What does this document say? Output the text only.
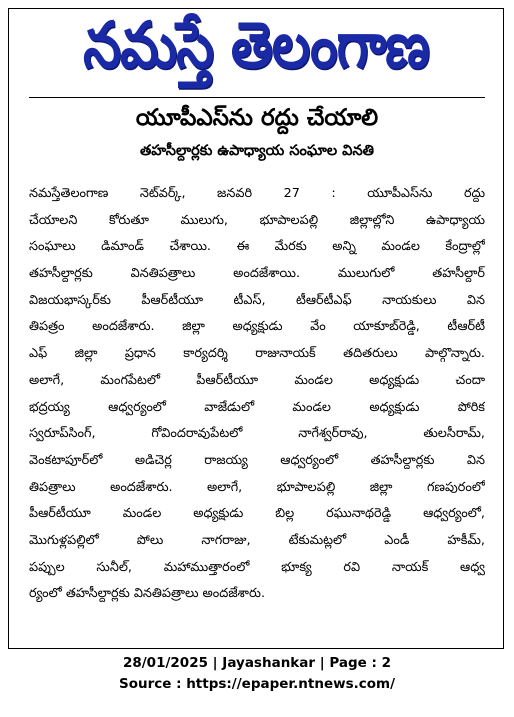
నమస్తే తెలంగాణ
యూపీఎస్‌ను రద్దు చేయాలి
తహసీల్దార్లకు ఉపాధ్యాయ సంఘాల వినతి
నమస్తేతెలంగాణ నెట్‌వర్క్‌, జనవరి 27 : యూపీఎస్‌ను రద్దు
చేయాలని కోరుతూ ములుగు, భూపాలపల్లి జిల్లాల్లోని ఉపాధ్యాయ
సంఘాలు డిమాండ్‌ చేశాయి. ఈ మేరకు అన్ని మండల కేంద్రాల్లో
తహసీల్దార్లకు వినతిపత్రాలు అందజేశాయి. ములుగులో తహసీల్దార్‌
విజయభాస్కర్‌కు పీఆర్‌టీయూ టీఎస్‌, టీఆర్‌టీఎఫ్‌ నాయకులు విన
తిపత్రం అందజేశారు. జిల్లా అధ్యక్షుడు వేం యాకూబ్‌రెడ్డి, టీఆర్‌టీ
ఎఫ్‌ జిల్లా ప్రధాన కార్యదర్శి రాజునాయక్‌ తదితరులు పాల్గొన్నారు.
అలాగే, మంగపేటలో పీఆర్‌టీయూ మండల అధ్యక్షుడు చందా
భద్రయ్య ఆధ్వర్యంలో వాజేడులో మండల అధ్యక్షుడు పోరిక
స్వరూప్‌సింగ్‌, గోవిందరావుపేటలో నాగేశ్వర్‌రావు, తులసీరామ్‌,
వెంకటాపూర్‌లో అడిచెర్ల రాజయ్య ఆధ్వర్యంలో తహసీల్దార్లకు విన
తిపత్రాలు అందజేశారు. అలాగే, భూపాలపల్లి జిల్లా గణపురంలో
పీఆర్‌టీయూ మండల అధ్యక్షుడు బిల్ల రఘునాథరెడ్డి ఆధ్వర్యంలో,
మొగుళ్లపల్లిలో పోలు నాగరాజు, టేకుమట్లలో ఎండీ హకీమ్‌,
పప్పుల సునీల్‌, మహాముత్తారంలో భూక్య రవి నాయక్‌ ఆధ్వ
ర్యంలో తహసీల్దార్లకు వినతిపత్రాలు అందజేశారు.
28/01/2025 | Jayashankar | Page : 2
Source : https://epaper.ntnews.com/
